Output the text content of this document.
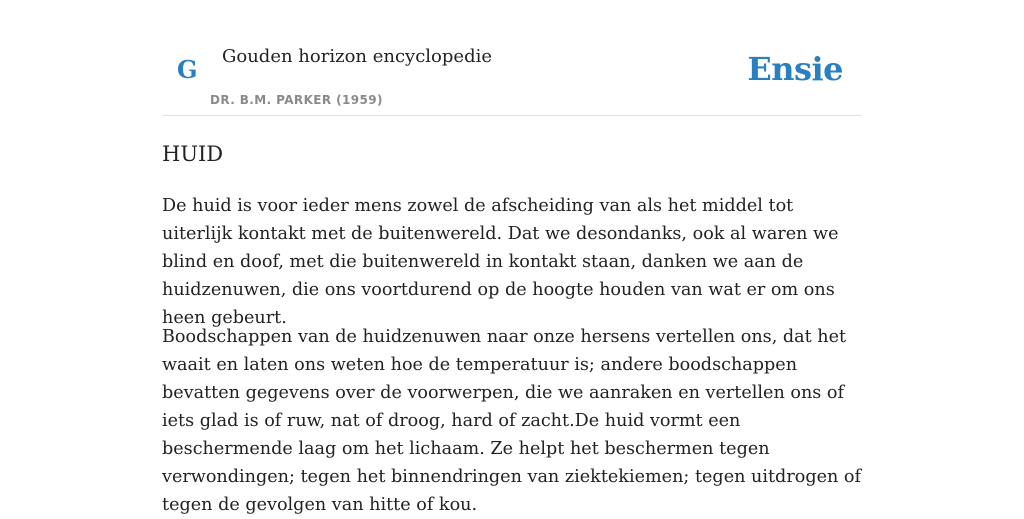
G Gouden horizon encyclopedie
DR. B.M. PARKER (1959)
Ensie
HUID

De huid is voor ieder mens zowel de afscheiding van als het middel tot uiterlijk kontakt met de buitenwereld. Dat we desondanks, ook al waren we blind en doof, met die buitenwereld in kontakt staan, danken we aan de huidzenuwen, die ons voortdurend op de hoogte houden van wat er om ons heen gebeurt.

Boodschappen van de huidzenuwen naar onze hersens vertellen ons, dat het waait en laten ons weten hoe de temperatuur is; andere boodschappen bevatten gegevens over de voorwerpen, die we aanraken en vertellen ons of iets glad is of ruw, nat of droog, hard of zacht.De huid vormt een beschermende laag om het lichaam. Ze helpt het beschermen tegen verwondingen; tegen het binnendringen van ziektekiemen; tegen uitdrogen of tegen de gevolgen van hitte of kou.
